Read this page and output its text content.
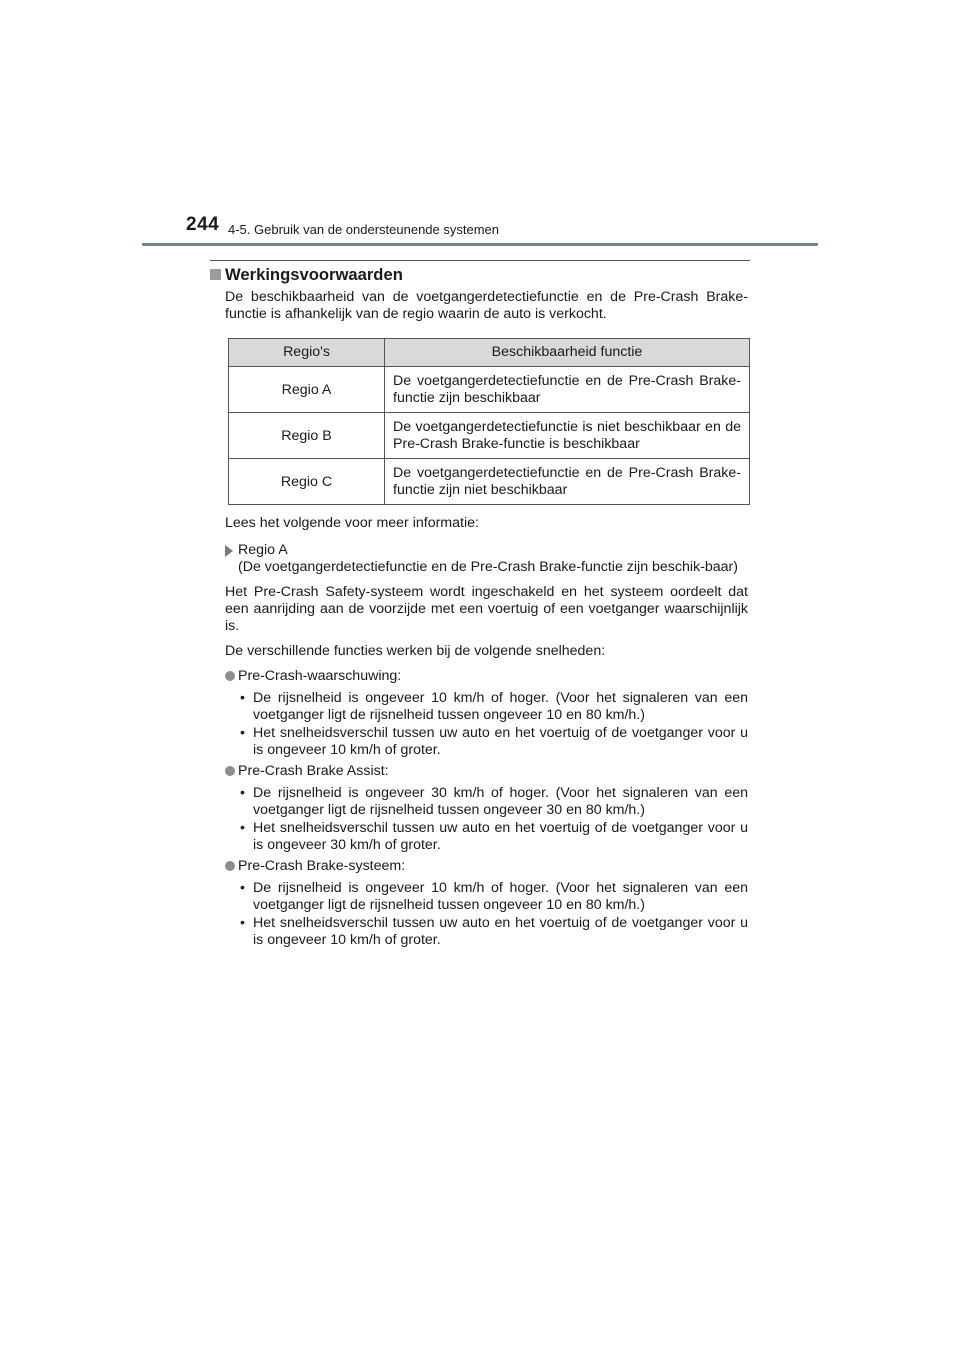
244 4-5. Gebruik van de ondersteunende systemen
Werkingsvoorwaarden

De beschikbaarheid van de voetgangerdetectiefunctie en de Pre-Crash Brake-functie is afhankelijk van de regio waarin de auto is verkocht.

Regio's	Beschikbaarheid functie
Regio A	De voetgangerdetectiefunctie en de Pre-Crash Brake-functie zijn beschikbaar
Regio B	De voetgangerdetectiefunctie is niet beschikbaar en de Pre-Crash Brake-functie is beschikbaar
Regio C	De voetgangerdetectiefunctie en de Pre-Crash Brake-functie zijn niet beschikbaar

Lees het volgende voor meer informatie:

Regio A
(De voetgangerdetectiefunctie en de Pre-Crash Brake-functie zijn beschik-baar)

Het Pre-Crash Safety-systeem wordt ingeschakeld en het systeem oordeelt dat een aanrijding aan de voorzijde met een voertuig of een voetganger waarschijnlijk is.

De verschillende functies werken bij de volgende snelheden:

Pre-Crash-waarschuwing:
• De rijsnelheid is ongeveer 10 km/h of hoger. (Voor het signaleren van een voetganger ligt de rijsnelheid tussen ongeveer 10 en 80 km/h.)
• Het snelheidsverschil tussen uw auto en het voertuig of de voetganger voor u is ongeveer 10 km/h of groter.
Pre-Crash Brake Assist:
• De rijsnelheid is ongeveer 30 km/h of hoger. (Voor het signaleren van een voetganger ligt de rijsnelheid tussen ongeveer 30 en 80 km/h.)
• Het snelheidsverschil tussen uw auto en het voertuig of de voetganger voor u is ongeveer 30 km/h of groter.
Pre-Crash Brake-systeem:
• De rijsnelheid is ongeveer 10 km/h of hoger. (Voor het signaleren van een voetganger ligt de rijsnelheid tussen ongeveer 10 en 80 km/h.)
• Het snelheidsverschil tussen uw auto en het voertuig of de voetganger voor u is ongeveer 10 km/h of groter.
